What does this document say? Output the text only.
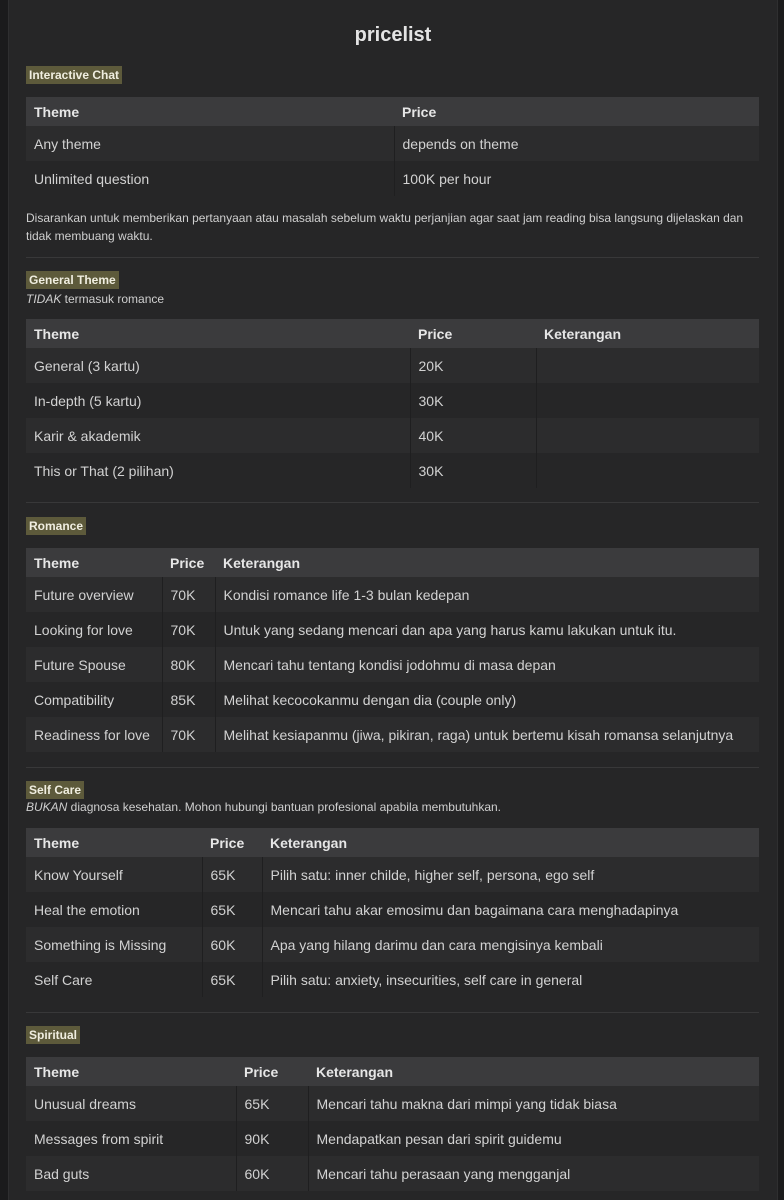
pricelist
Interactive Chat
Theme	Price
Any theme	depends on theme
Unlimited question	100K per hour
Disarankan untuk memberikan pertanyaan atau masalah sebelum waktu perjanjian agar saat jam reading bisa langsung dijelaskan dan tidak membuang waktu.
General Theme
TIDAK termasuk romance
Theme	Price	Keterangan
General (3 kartu)	20K	
In-depth (5 kartu)	30K	
Karir & akademik	40K	
This or That (2 pilihan)	30K	
Romance
Theme	Price	Keterangan
Future overview	70K	Kondisi romance life 1-3 bulan kedepan
Looking for love	70K	Untuk yang sedang mencari dan apa yang harus kamu lakukan untuk itu.
Future Spouse	80K	Mencari tahu tentang kondisi jodohmu di masa depan
Compatibility	85K	Melihat kecocokanmu dengan dia (couple only)
Readiness for love	70K	Melihat kesiapanmu (jiwa, pikiran, raga) untuk bertemu kisah romansa selanjutnya
Self Care
BUKAN diagnosa kesehatan. Mohon hubungi bantuan profesional apabila membutuhkan.
Theme	Price	Keterangan
Know Yourself	65K	Pilih satu: inner childe, higher self, persona, ego self
Heal the emotion	65K	Mencari tahu akar emosimu dan bagaimana cara menghadapinya
Something is Missing	60K	Apa yang hilang darimu dan cara mengisinya kembali
Self Care	65K	Pilih satu: anxiety, insecurities, self care in general
Spiritual
Theme	Price	Keterangan
Unusual dreams	65K	Mencari tahu makna dari mimpi yang tidak biasa
Messages from spirit	90K	Mendapatkan pesan dari spirit guidemu
Bad guts	60K	Mencari tahu perasaan yang mengganjal
